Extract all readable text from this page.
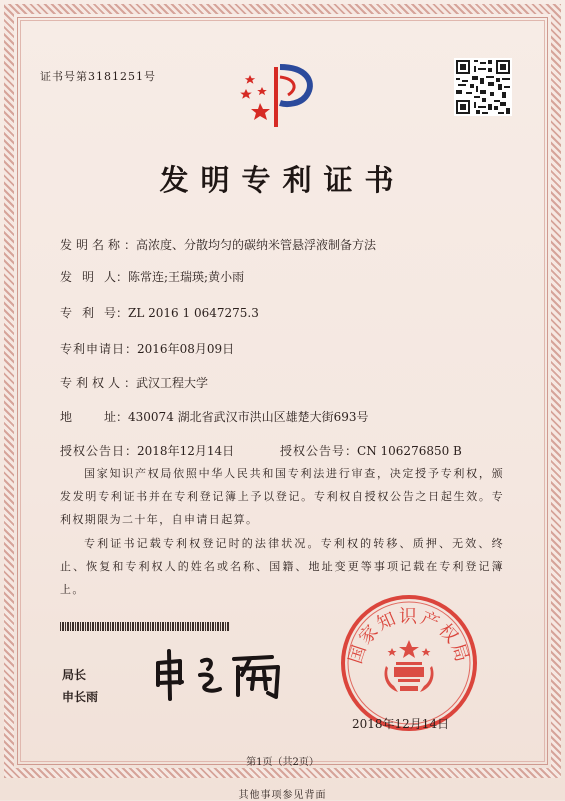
证书号第3181251号
发明专利证书
发明名称：高浓度、分散均匀的碳纳米管悬浮液制备方法
发明人：陈常连;王瑞瑛;黄小雨
专利号：ZL 2016 1 0647275.3
专利申请日：2016年08月09日
专利权人：武汉工程大学
地址：430074 湖北省武汉市洪山区雄楚大街693号
授权公告日：2018年12月14日	授权公告号：CN 106276850 B
国家知识产权局依照中华人民共和国专利法进行审查，决定授予专利权，颁发发明专利证书并在专利登记簿上予以登记。专利权自授权公告之日起生效。专利权期限为二十年，自申请日起算。
专利证书记载专利权登记时的法律状况。专利权的转移、质押、无效、终止、恢复和专利权人的姓名或名称、国籍、地址变更等事项记载在专利登记簿上。
局长
申长雨
国家知识产权局
2018年12月14日
第1页（共2页）
其他事项参见背面
